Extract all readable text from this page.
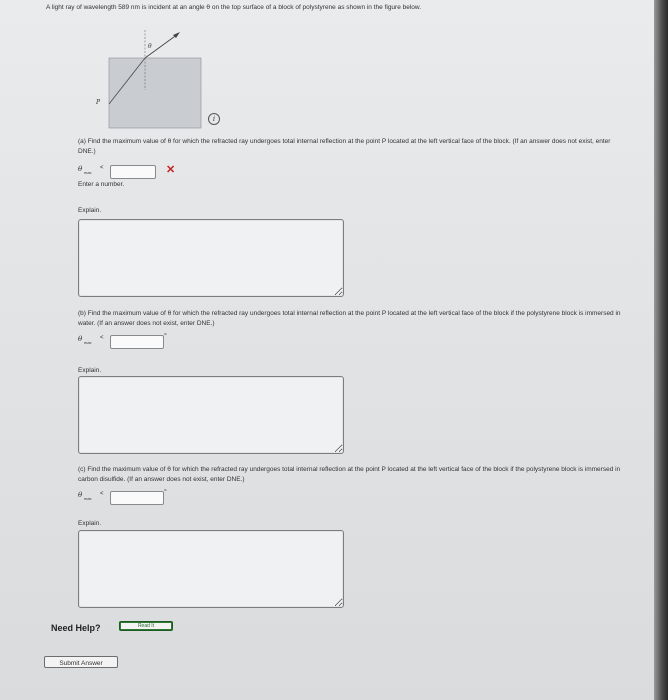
A light ray of wavelength 589 nm is incident at an angle θ on the top surface of a block of polystyrene as shown in the figure below.
θ
P
i
(a) Find the maximum value of θ for which the refracted ray undergoes total internal reflection at the point P located at the left vertical face of the block. (If an answer does not exist, enter DNE.)
θ max
<	✕
Enter a number.
Explain.
(b) Find the maximum value of θ for which the refracted ray undergoes total internal reflection at the point P located at the left vertical face of the block if the polystyrene block is immersed in water. (If an answer does not exist, enter DNE.)
θ max
<	°
Explain.
(c) Find the maximum value of θ for which the refracted ray undergoes total internal reflection at the point P located at the left vertical face of the block if the polystyrene block is immersed in carbon disulfide. (If an answer does not exist, enter DNE.)
θ max
<	°
Explain.
Need Help?	Read It
Submit Answer
